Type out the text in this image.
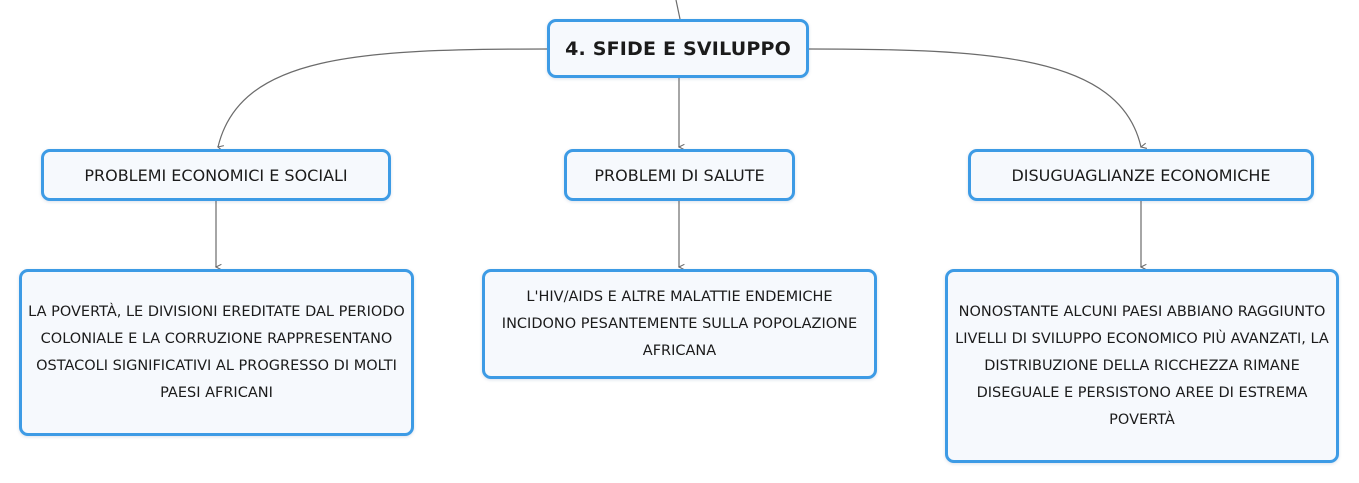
4. SFIDE E SVILUPPO
PROBLEMI ECONOMICI E SOCIALI	PROBLEMI DI SALUTE	DISUGUAGLIANZE ECONOMICHE
LA POVERTÀ, LE DIVISIONI EREDITATE DAL PERIODO COLONIALE E LA CORRUZIONE RAPPRESENTANO OSTACOLI SIGNIFICATIVI AL PROGRESSO DI MOLTI PAESI AFRICANI
L'HIV/AIDS E ALTRE MALATTIE ENDEMICHE INCIDONO PESANTEMENTE SULLA POPOLAZIONE AFRICANA
NONOSTANTE ALCUNI PAESI ABBIANO RAGGIUNTO LIVELLI DI SVILUPPO ECONOMICO PIÙ AVANZATI, LA DISTRIBUZIONE DELLA RICCHEZZA RIMANE DISEGUALE E PERSISTONO AREE DI ESTREMA POVERTÀ
